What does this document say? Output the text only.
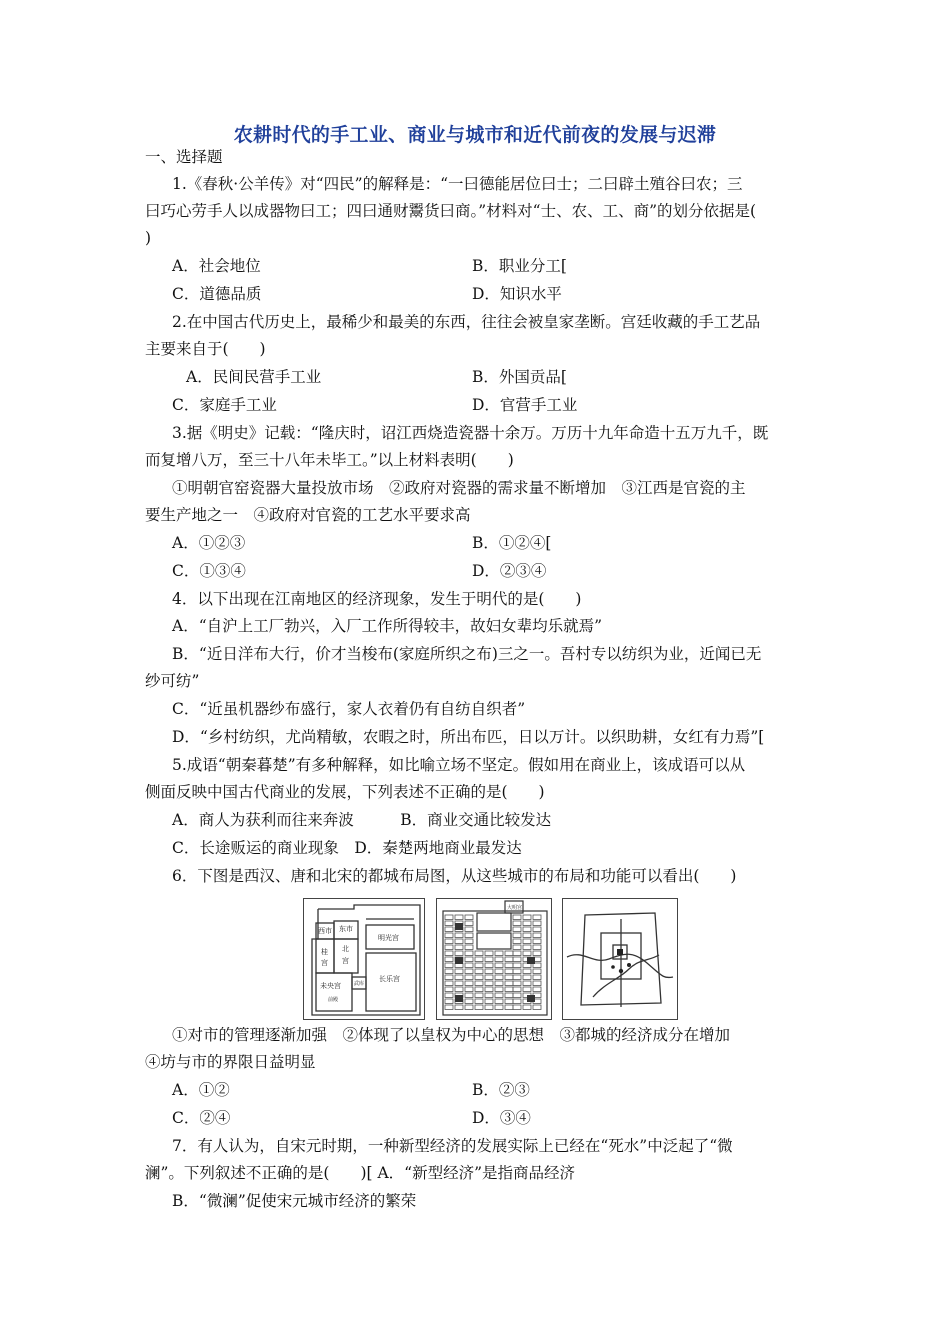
农耕时代的手工业、商业与城市和近代前夜的发展与迟滞
一、选择题
1.《春秋·公羊传》对“四民”的解释是：“一曰德能居位曰士；二曰辟土殖谷曰农；三
曰巧心劳手人以成器物曰工；四曰通财鬻货曰商。”材料对“士、农、工、商”的划分依据是(
)
A．社会地位	B．职业分工[
C．道德品质	D．知识水平
2.在中国古代历史上，最稀少和最美的东西，往往会被皇家垄断。宫廷收藏的手工艺品
主要来自于(　　)
A．民间民营手工业	B．外国贡品[
C．家庭手工业	D．官营手工业
3.据《明史》记载：“隆庆时，诏江西烧造瓷器十余万。万历十九年命造十五万九千，既
而复增八万，至三十八年未毕工。”以上材料表明(　　)
①明朝官窑瓷器大量投放市场　②政府对瓷器的需求量不断增加　③江西是官瓷的主
要生产地之一　④政府对官瓷的工艺水平要求高
A．①②③	B．①②④[
C．①③④	D．②③④
4．以下出现在江南地区的经济现象，发生于明代的是(　　)
A．“自沪上工厂勃兴，入厂工作所得较丰，故妇女辈均乐就焉”
B．“近日洋布大行，价才当梭布(家庭所织之布)三之一。吾村专以纺织为业，近闻已无
纱可纺”
C．“近虽机器纱布盛行，家人衣着仍有自纺自织者”
D．“乡村纺织，尤尚精敏，农暇之时，所出布匹，日以万计。以织助耕，女红有力焉”[
5.成语“朝秦暮楚”有多种解释，如比喻立场不坚定。假如用在商业上，该成语可以从
侧面反映中国古代商业的发展，下列表述不正确的是(　　)
A．商人为获利而往来奔波　　　B．商业交通比较发达
C．长途贩运的商业现象　D．秦楚两地商业最发达
6．下图是西汉、唐和北宋的都城布局图，从这些城市的布局和功能可以看出(　　)
西市 东市
桂
宫
北
宫
明光宫
长乐宫
未央宫	武库
前殿
大明宫
①对市的管理逐渐加强　②体现了以皇权为中心的思想　③都城的经济成分在增加
④坊与市的界限日益明显
A．①②	B．②③
C．②④	D．③④
7．有人认为，自宋元时期，一种新型经济的发展实际上已经在“死水”中泛起了“微
澜”。下列叙述不正确的是(　　)[ A．“新型经济”是指商品经济
B．“微澜”促使宋元城市经济的繁荣
